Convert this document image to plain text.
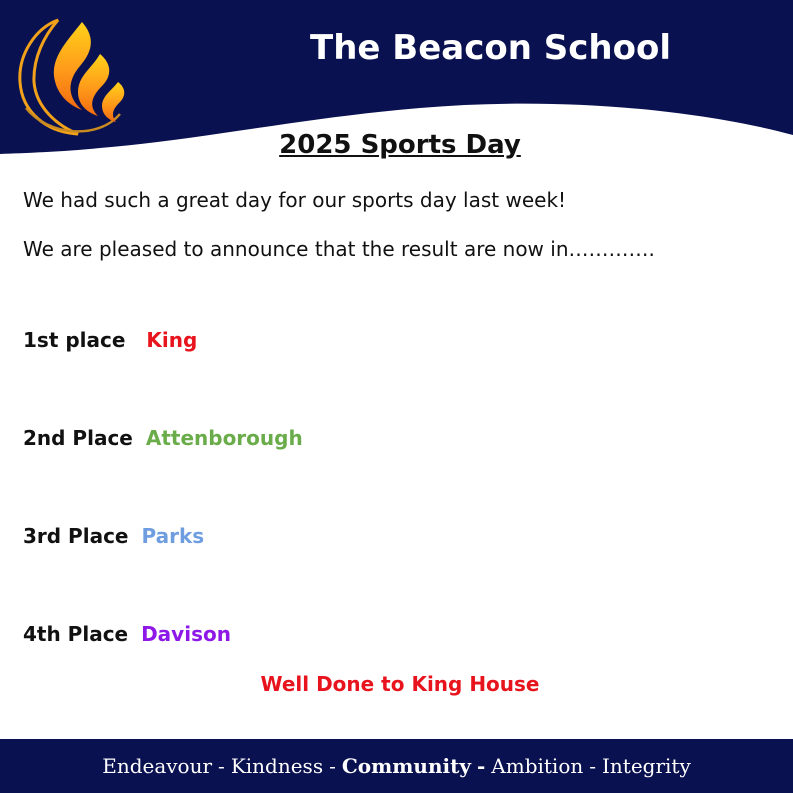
The Beacon School
2025 Sports Day
We had such a great day for our sports day last week!
We are pleased to announce that the result are now in………….
1st place King
2nd Place Attenborough
3rd Place Parks
4th Place Davison
Well Done to King House
Endeavour - Kindness - Community - Ambition - Integrity
